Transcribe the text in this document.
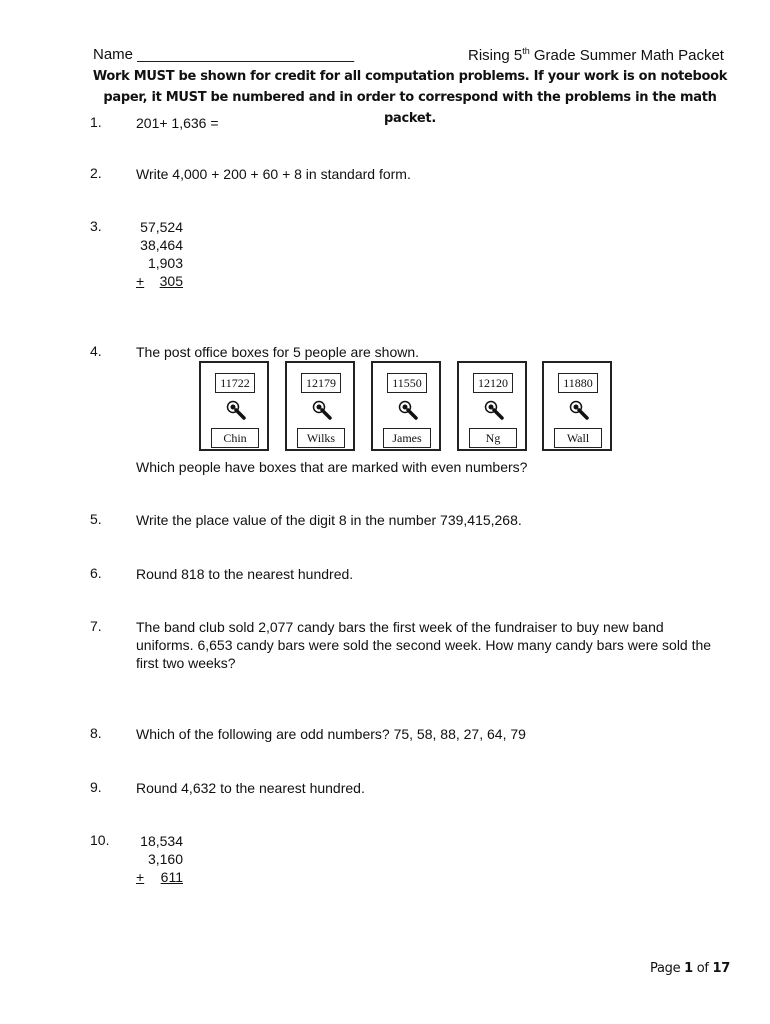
Name __________________________	Rising 5th Grade Summer Math Packet
Work MUST be shown for credit for all computation problems. If your work is on notebook paper, it MUST be numbered and in order to correspond with the problems in the math packet.
1. 201+ 1,636 =
2. Write 4,000 + 200 + 60 + 8 in standard form.
3.	57,524
38,464
1,903
+ 305
4. The post office boxes for 5 people are shown.
11722
Chin
12179
Wilks
11550
James
12120
Ng
11880
Wall
Which people have boxes that are marked with even numbers?
5. Write the place value of the digit 8 in the number 739,415,268.
6. Round 818 to the nearest hundred.
7. The band club sold 2,077 candy bars the first week of the fundraiser to buy new band uniforms. 6,653 candy bars were sold the second week. How many candy bars were sold the first two weeks?
8. Which of the following are odd numbers? 75, 58, 88, 27, 64, 79
9. Round 4,632 to the nearest hundred.
10. 18,534
3,160
+ 611
Page 1 of 17
